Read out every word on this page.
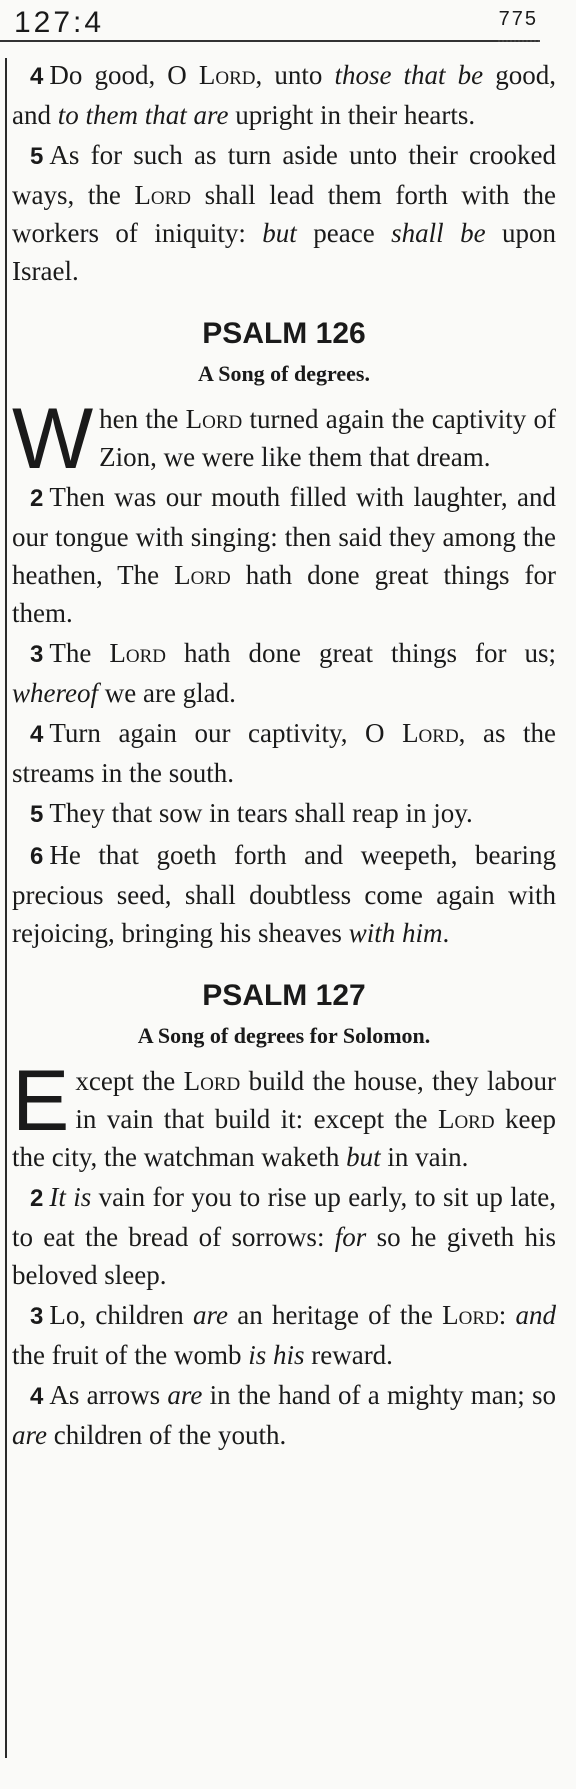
127:4	775

4 Do good, O Lord, unto those that be good, and to them that are upright in their hearts.

5 As for such as turn aside unto their crooked ways, the Lord shall lead them forth with the workers of iniquity: but peace shall be upon Israel.

PSALM 126
A Song of degrees.

When the Lord turned again the captivity of Zion, we were like them that dream.

2 Then was our mouth filled with laughter, and our tongue with singing: then said they among the heathen, The Lord hath done great things for them.

3 The Lord hath done great things for us; whereof we are glad.

4 Turn again our captivity, O Lord, as the streams in the south.

5 They that sow in tears shall reap in joy.

6 He that goeth forth and weepeth, bearing precious seed, shall doubtless come again with rejoicing, bringing his sheaves with him.

PSALM 127
A Song of degrees for Solomon.

Except the Lord build the house, they labour in vain that build it: except the Lord keep the city, the watchman waketh but in vain.

2 It is vain for you to rise up early, to sit up late, to eat the bread of sorrows: for so he giveth his beloved sleep.

3 Lo, children are an heritage of the Lord: and the fruit of the womb is his reward.

4 As arrows are in the hand of a mighty man; so are children of the youth.
